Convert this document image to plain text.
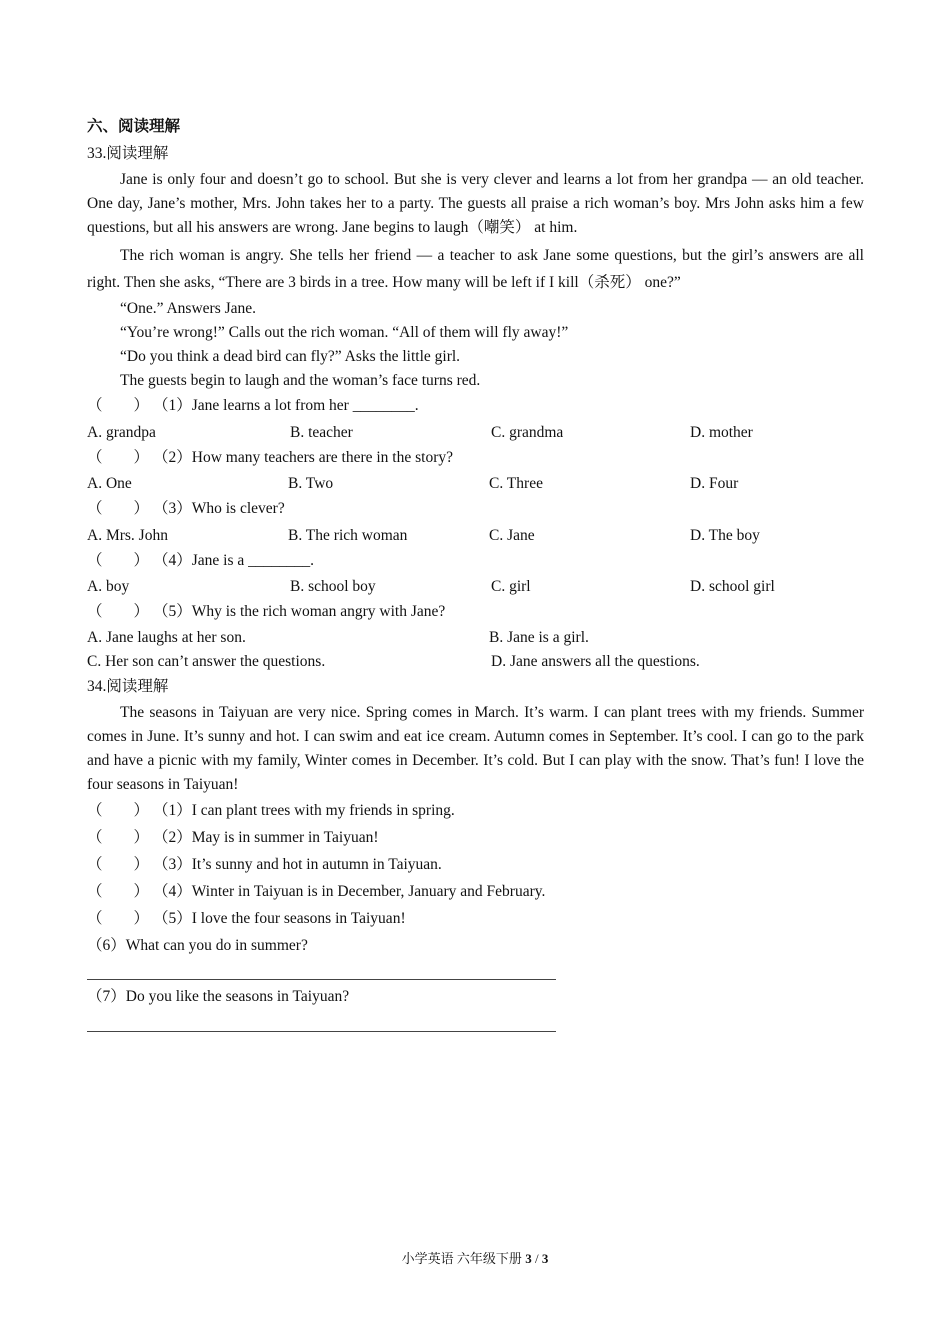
六、阅读理解
33.阅读理解
Jane is only four and doesn’t go to school. But she is very clever and learns a lot from her grandpa — an old teacher. One day, Jane’s mother, Mrs. John takes her to a party. The guests all praise a rich woman’s boy. Mrs John asks him a few questions, but all his answers are wrong. Jane begins to laugh（嘲笑） at him.
The rich woman is angry. She tells her friend — a teacher to ask Jane some questions, but the girl’s answers are all right. Then she asks, “There are 3 birds in a tree. How many will be left if I kill（杀死） one?”
“One.” Answers Jane.
“You’re wrong!” Calls out the rich woman. “All of them will fly away!”
“Do you think a dead bird can fly?” Asks the little girl.
The guests begin to laugh and the woman’s face turns red.
（　　） （1）Jane learns a lot from her ________.
A. grandpa	B. teacher	C. grandma	D. mother
（　　） （2）How many teachers are there in the story?
A. One	B. Two	C. Three	D. Four
（　　） （3）Who is clever?
A. Mrs. John	B. The rich woman	C. Jane	D. The boy
（　　） （4）Jane is a ________.
A. boy	B. school boy	C. girl	D. school girl
（　　） （5）Why is the rich woman angry with Jane?
A. Jane laughs at her son.	B. Jane is a girl.
C. Her son can’t answer the questions.	D. Jane answers all the questions.
34.阅读理解
The seasons in Taiyuan are very nice. Spring comes in March. It’s warm. I can plant trees with my friends. Summer comes in June. It’s sunny and hot. I can swim and eat ice cream. Autumn comes in September. It’s cool. I can go to the park and have a picnic with my family, Winter comes in December. It’s cold. But I can play with the snow. That’s fun! I love the four seasons in Taiyuan!
（　　） （1）I can plant trees with my friends in spring.
（　　） （2）May is in summer in Taiyuan!
（　　） （3）It’s sunny and hot in autumn in Taiyuan.
（　　） （4）Winter in Taiyuan is in December, January and February.
（　　） （5）I love the four seasons in Taiyuan!
（6）What can you do in summer?
（7）Do you like the seasons in Taiyuan?
小学英语 六年级下册 3 / 3
